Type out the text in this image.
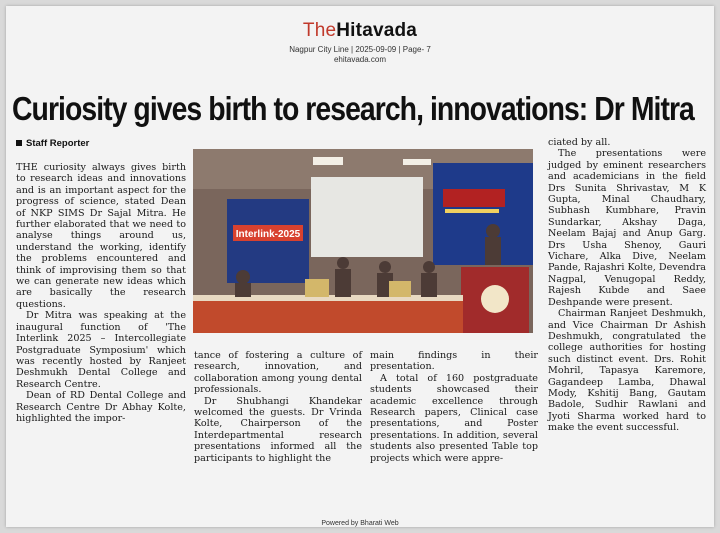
TheHitavada
Nagpur City Line | 2025-09-09 | Page- 7
ehitavada.com
Curiosity gives birth to research, innovations: Dr Mitra
Staff Reporter

THE curiosity always gives birth to research ideas and innovations and is an important aspect for the progress of science, stated Dean of NKP SIMS Dr Sajal Mitra. He further elaborated that we need to analyse things around us, understand the working, identify the problems encountered and think of improvising them so that we can generate new ideas which are basically the research questions.

Dr Mitra was speaking at the inaugural function of 'The Interlink 2025 – Intercollegiate Postgraduate Symposium' which was recently hosted by Ranjeet Deshmukh Dental College and Research Centre.

Dean of RD Dental College and Research Centre Dr Abhay Kolte, highlighted the impor-

Interlink-2025

tance of fostering a culture of research, innovation, and collaboration among young dental professionals.

Dr Shubhangi Khandekar welcomed the guests. Dr Vrinda Kolte, Chairperson of the Interdepartmental research presentations informed all the participants to highlight the

main findings in their presentation.

A total of 160 postgraduate students showcased their academic excellence through Research papers, Clinical case presentations, and Poster presentations. In addition, several students also presented Table top projects which were appre-

ciated by all.

The presentations were judged by eminent researchers and academicians in the field Drs Sunita Shrivastav, M K Gupta, Minal Chaudhary, Subhash Kumbhare, Pravin Sundarkar, Akshay Daga, Neelam Bajaj and Anup Garg. Drs Usha Shenoy, Gauri Vichare, Alka Dive, Neelam Pande, Rajashri Kolte, Devendra Nagpal, Venugopal Reddy, Rajesh Kubde and Saee Deshpande were present.

Chairman Ranjeet Deshmukh, and Vice Chairman Dr Ashish Deshmukh, congratulated the college authorities for hosting such distinct event. Drs. Rohit Mohril, Tapasya Karemore, Gagandeep Lamba, Dhawal Mody, Kshitij Bang, Gautam Badole, Sudhir Rawlani and Jyoti Sharma worked hard to make the event successful.

Powered by Bharati Web
